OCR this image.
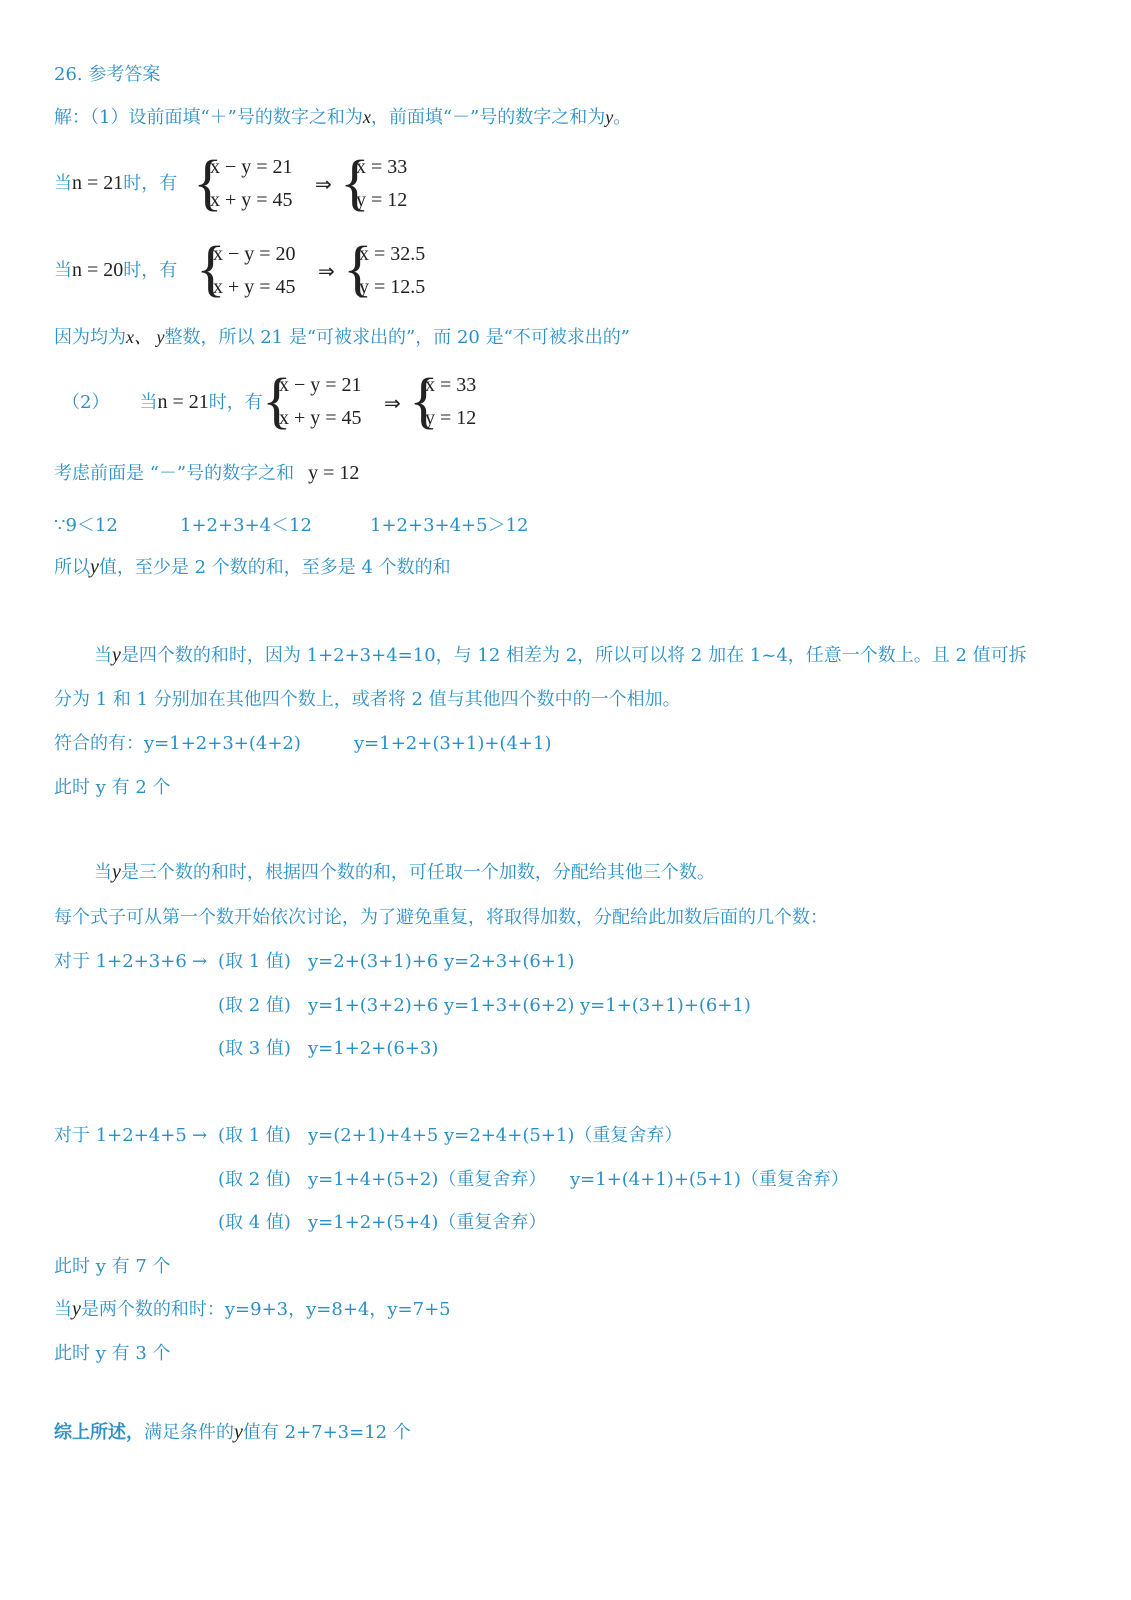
26. 参考答案
解：（1）设前面填“＋”号的数字之和为x，前面填“－”号的数字之和为y。
当n = 21时，有 {
x − y = 21
x + y = 45
⇒ {
x = 33
y = 12
当n = 20时，有 {
x − y = 20
x + y = 45
⇒ {
x = 32.5
y = 12.5
因为均为x、 y整数，所以 21 是“可被求出的”，而 20 是“不可被求出的”
（2） 当n = 21时，有 {
x − y = 21
x + y = 45
⇒ {
x = 33
y = 12
考虑前面是 “－”号的数字之和 y = 12
∵9＜12	1+2+3+4＜12	1+2+3+4+5＞12
所以y值，至少是 2 个数的和，至多是 4 个数的和
当y是四个数的和时，因为 1+2+3+4=10，与 12 相差为 2，所以可以将 2 加在 1~4，任意一个数上。且 2 值可拆
分为 1 和 1 分别加在其他四个数上，或者将 2 值与其他四个数中的一个相加。
符合的有：y=1+2+3+(4+2)	y=1+2+(3+1)+(4+1)
此时 y 有 2 个
当y是三个数的和时，根据四个数的和，可任取一个加数，分配给其他三个数。
每个式子可从第一个数开始依次讨论，为了避免重复，将取得加数，分配给此加数后面的几个数：
对于 1+2+3+6 → (取 1 值) y=2+(3+1)+6 y=2+3+(6+1)
(取 2 值) y=1+(3+2)+6 y=1+3+(6+2) y=1+(3+1)+(6+1)
(取 3 值) y=1+2+(6+3)
对于 1+2+4+5 → (取 1 值) y=(2+1)+4+5 y=2+4+(5+1)（重复舍弃）
(取 2 值) y=1+4+(5+2)（重复舍弃） y=1+(4+1)+(5+1)（重复舍弃）
(取 4 值) y=1+2+(5+4)（重复舍弃）
此时 y 有 7 个
当y是两个数的和时：y=9+3，y=8+4，y=7+5
此时 y 有 3 个
综上所述，满足条件的y值有 2+7+3=12 个
